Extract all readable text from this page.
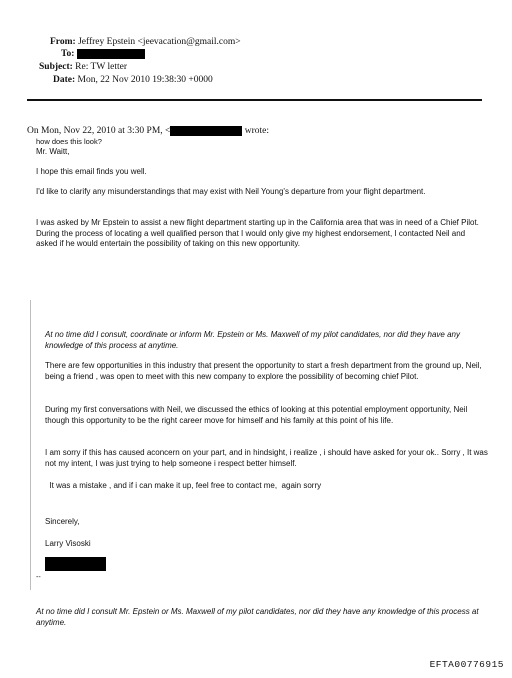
From: Jeffrey Epstein <jeevacation@gmail.com>
To:
Subject: Re: TW letter
Date: Mon, 22 Nov 2010 19:38:30 +0000
On Mon, Nov 22, 2010 at 3:30 PM, <	wrote:
how does this look?
Mr. Waitt,
I hope this email finds you well.
I'd like to clarify any misunderstandings that may exist with Neil Young's departure from your flight department.
I was asked by Mr Epstein to assist a new flight department starting up in the California area that was in need of a Chief Pilot. During the process of locating a well qualified person that I would only give my highest endorsement, I contacted Neil and asked if he would entertain the possibility of taking on this new opportunity.
At no time did I consult, coordinate or inform Mr. Epstein or Ms. Maxwell of my pilot candidates, nor did they have any knowledge of this process at anytime.
There are few opportunities in this industry that present the opportunity to start a fresh department from the ground up, Neil, being a friend , was open to meet with this new company to explore the possibility of becoming chief Pilot.
During my first conversations with Neil, we discussed the ethics of looking at this potential employment opportunity, Neil though this opportunity to be the right career move for himself and his family at this point of his life.
I am sorry if this has caused aconcern on your part, and in hindsight, i realize , i should have asked for your ok.. Sorry , It was not my intent, I was just trying to help someone i respect better himself.
It was a mistake , and if i can make it up, feel free to contact me,  again sorry
Sincerely,
Larry Visoski
--
At no time did I consult Mr. Epstein or Ms. Maxwell of my pilot candidates, nor did they have any knowledge of this process at anytime.
EFTA00776915
